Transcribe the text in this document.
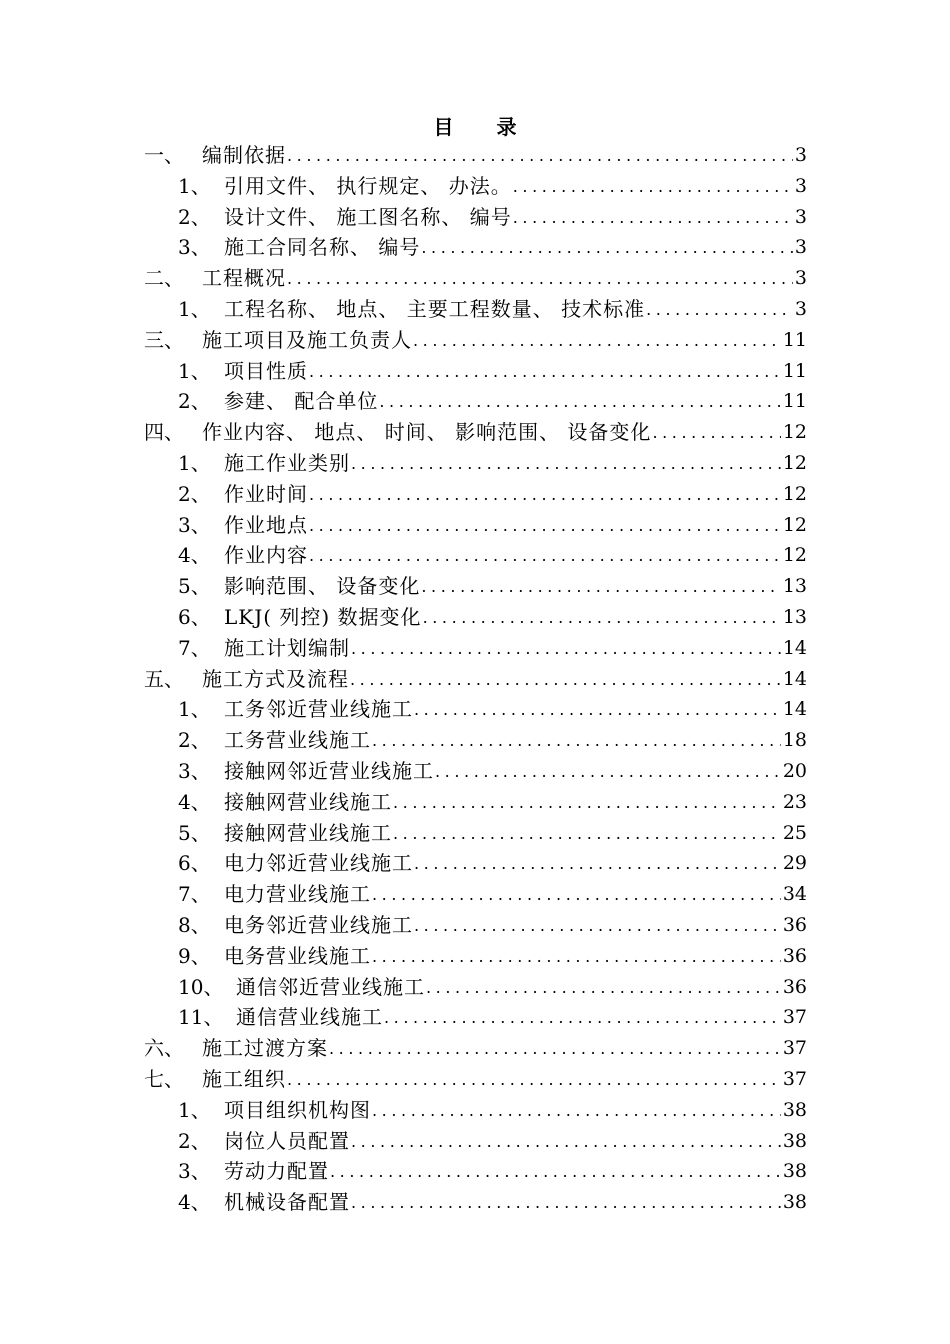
目 录
一、 编制依据 .....	3
1、 引用文件、 执行规定、 办法。 .....	3
2、 设计文件、 施工图名称、 编号 .....	3
3、 施工合同名称、 编号 .....	3
二、 工程概况 .....	3
1、 工程名称、 地点、 主要工程数量、 技术标准 .....	3
三、 施工项目及施工负责人 .....	11
1、 项目性质 .....	11
2、 参建、 配合单位 .....	11
四、 作业内容、 地点、 时间、 影响范围、 设备变化 .....	12
1、 施工作业类别 .....	12
2、 作业时间 .....	12
3、 作业地点 .....	12
4、 作业内容 .....	12
5、 影响范围、 设备变化 .....	13
6、 LKJ( 列控) 数据变化 .....	13
7、 施工计划编制 .....	14
五、 施工方式及流程 .....	14
1、 工务邻近营业线施工 .....	14
2、 工务营业线施工 .....	18
3、 接触网邻近营业线施工 .....	20
4、 接触网营业线施工 .....	23
5、 接触网营业线施工 .....	25
6、 电力邻近营业线施工 .....	29
7、 电力营业线施工 .....	34
8、 电务邻近营业线施工 .....	36
9、 电务营业线施工 .....	36
10、 通信邻近营业线施工 .....	36
11、 通信营业线施工 .....	37
六、 施工过渡方案 .....	37
七、 施工组织 .....	37
1、 项目组织机构图 .....	38
2、 岗位人员配置 .....	38
3、 劳动力配置 .....	38
4、 机械设备配置 .....	38
